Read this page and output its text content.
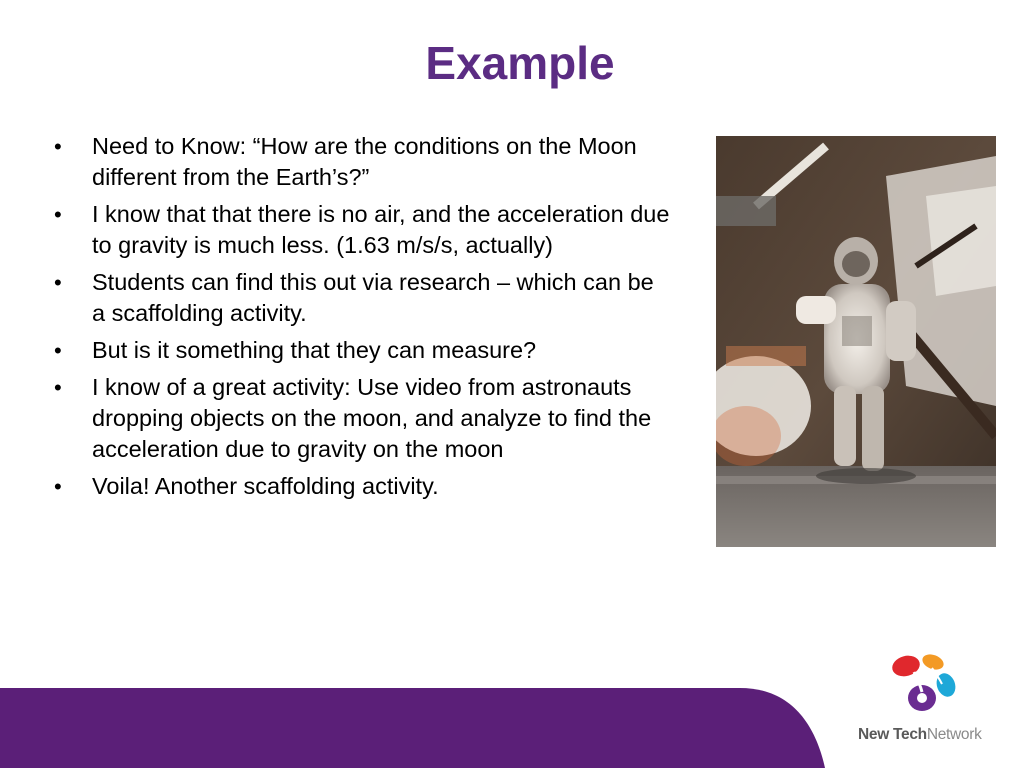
Example
• Need to Know: “How are the conditions on the Moon different from the Earth’s?”
• I know that that there is no air, and the acceleration due to gravity is much less. (1.63 m/s/s, actually)
• Students can find this out via research – which can be a scaffolding activity.
• But is it something that they can measure?
• I know of a great activity: Use video from astronauts dropping objects on the moon, and analyze to find the acceleration due to gravity on the moon
• Voila! Another scaffolding activity.
New TechNetwork
